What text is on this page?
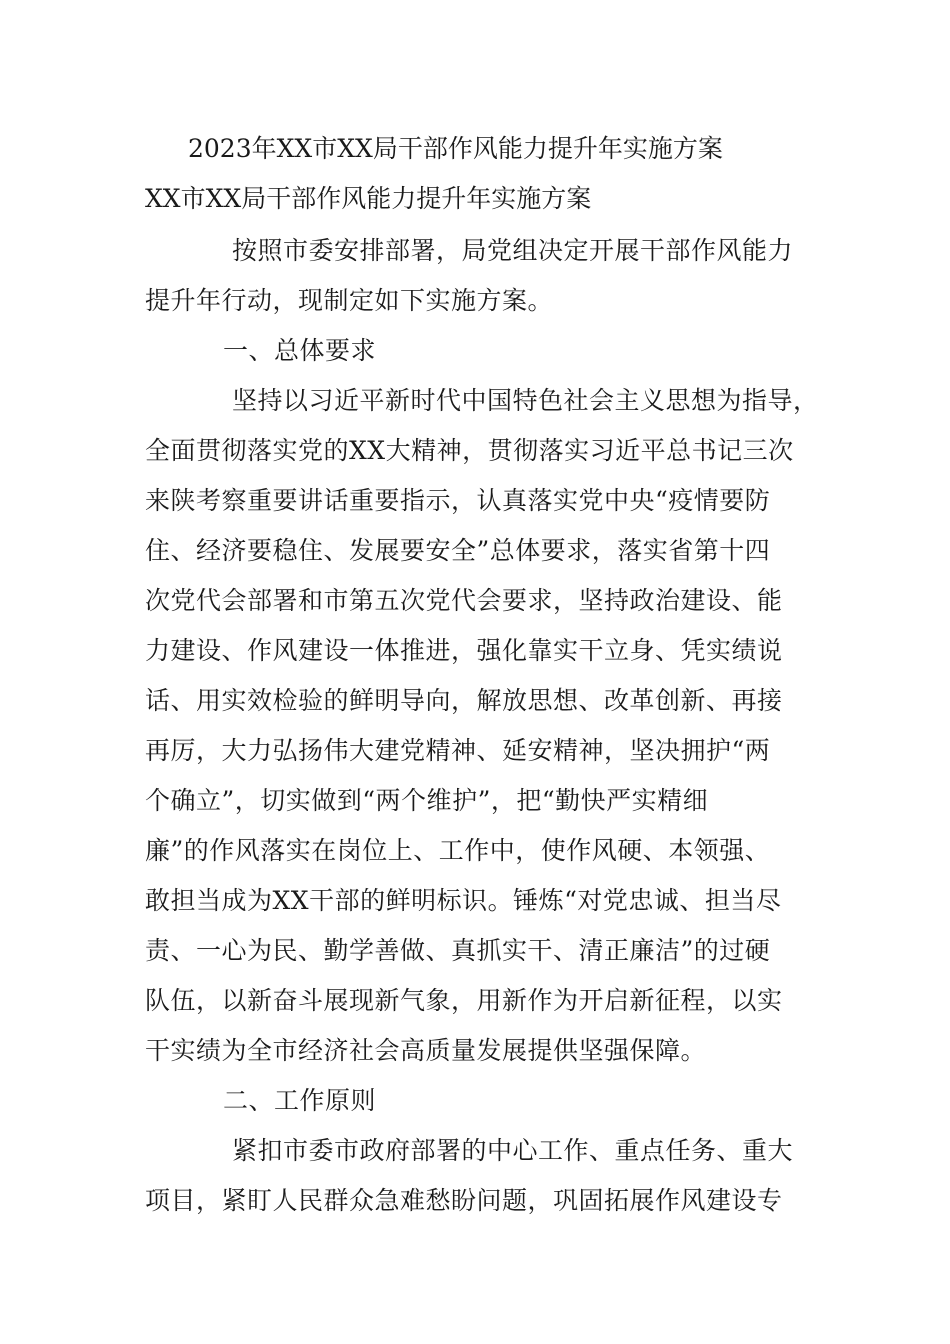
2023年XX市XX局干部作风能力提升年实施方案
XX市XX局干部作风能力提升年实施方案
按照市委安排部署，局党组决定开展干部作风能力
提升年行动，现制定如下实施方案。
一、总体要求
坚持以习近平新时代中国特色社会主义思想为指导，
全面贯彻落实党的XX大精神，贯彻落实习近平总书记三次
来陕考察重要讲话重要指示，认真落实党中央“疫情要防
住、经济要稳住、发展要安全”总体要求，落实省第十四
次党代会部署和市第五次党代会要求，坚持政治建设、能
力建设、作风建设一体推进，强化靠实干立身、凭实绩说
话、用实效检验的鲜明导向，解放思想、改革创新、再接
再厉，大力弘扬伟大建党精神、延安精神，坚决拥护“两
个确立”，切实做到“两个维护”，把“勤快严实精细
廉”的作风落实在岗位上、工作中，使作风硬、本领强、
敢担当成为XX干部的鲜明标识。锤炼“对党忠诚、担当尽
责、一心为民、勤学善做、真抓实干、清正廉洁”的过硬
队伍，以新奋斗展现新气象，用新作为开启新征程，以实
干实绩为全市经济社会高质量发展提供坚强保障。
二、工作原则
紧扣市委市政府部署的中心工作、重点任务、重大
项目，紧盯人民群众急难愁盼问题，巩固拓展作风建设专
